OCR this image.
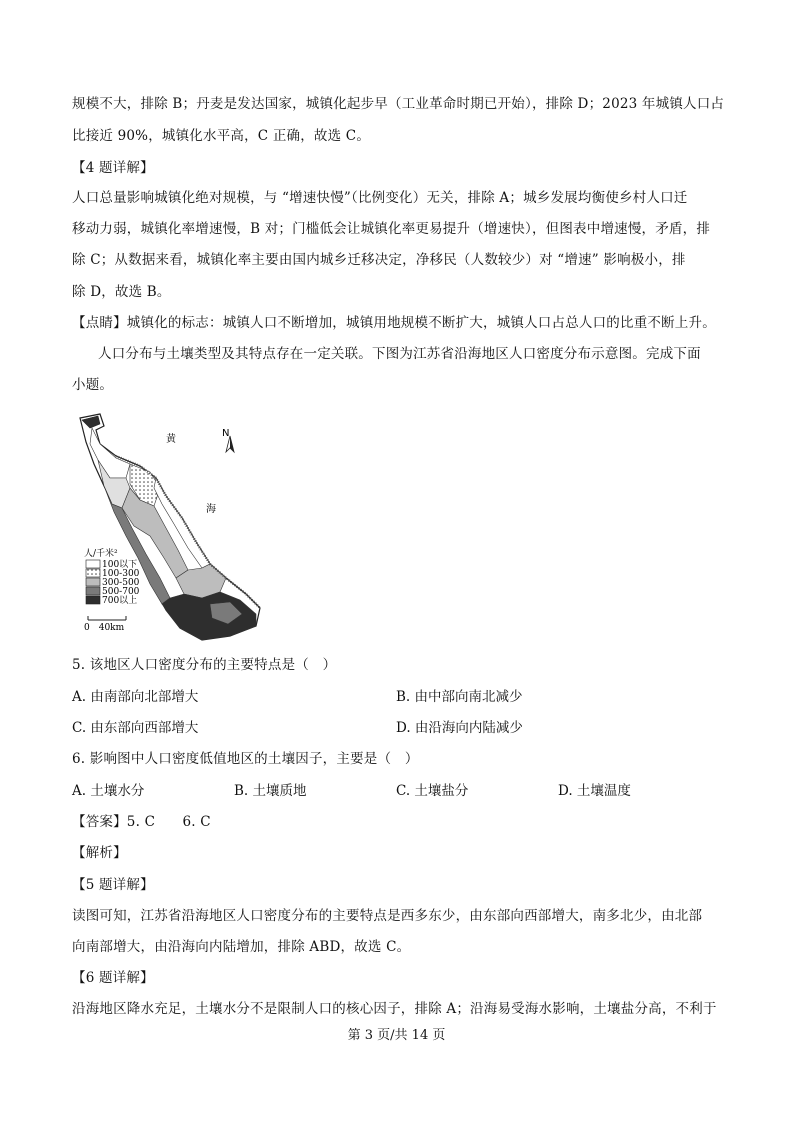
规模不大，排除 B；丹麦是发达国家，城镇化起步早（工业革命时期已开始），排除 D；2023 年城镇人口占
比接近 90%，城镇化水平高，C 正确，故选 C。
【4 题详解】
人口总量影响城镇化绝对规模，与 “增速快慢”（比例变化）无关，排除 A；城乡发展均衡使乡村人口迁
移动力弱，城镇化率增速慢，B 对；门槛低会让城镇化率更易提升（增速快），但图表中增速慢，矛盾，排
除 C；从数据来看，城镇化率主要由国内城乡迁移决定，净移民（人数较少）对 “增速” 影响极小，排
除 D，故选 B。
【点睛】城镇化的标志：城镇人口不断增加，城镇用地规模不断扩大，城镇人口占总人口的比重不断上升。
人口分布与土壤类型及其特点存在一定关联。下图为江苏省沿海地区人口密度分布示意图。完成下面
小题。
黄
海
N
人/千米²
100以下
100-300
300-500
500-700
700以上
0　40km
5. 该地区人口密度分布的主要特点是（　）
A. 由南部向北部增大	B. 由中部向南北减少
C. 由东部向西部增大	D. 由沿海向内陆减少
6. 影响图中人口密度低值地区的土壤因子，主要是（　）
A. 土壤水分	B. 土壤质地	C. 土壤盐分	D. 土壤温度
【答案】5. C　　6. C
【解析】
【5 题详解】
读图可知，江苏省沿海地区人口密度分布的主要特点是西多东少，由东部向西部增大，南多北少，由北部
向南部增大，由沿海向内陆增加，排除 ABD，故选 C。
【6 题详解】
沿海地区降水充足，土壤水分不是限制人口的核心因子，排除 A；沿海易受海水影响，土壤盐分高，不利于
第 3 页/共 14 页
